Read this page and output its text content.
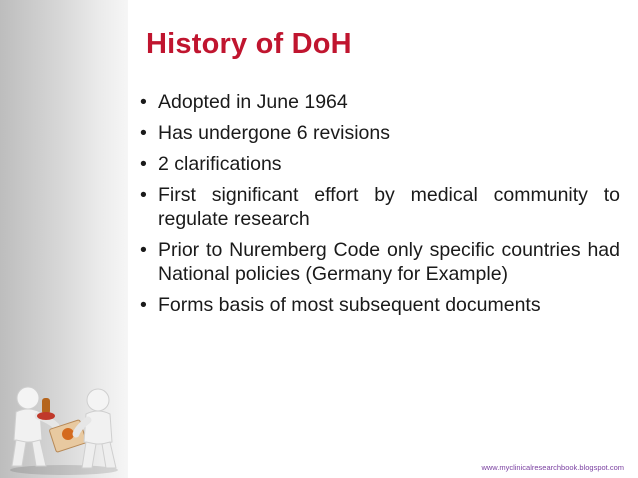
History of DoH
• Adopted in June 1964
• Has undergone 6 revisions
• 2 clarifications
• First significant effort by medical community to regulate research
• Prior to Nuremberg Code only specific countries had National policies (Germany for Example)
• Forms basis of most subsequent documents
www.myclinicalresearchbook.blogspot.com
